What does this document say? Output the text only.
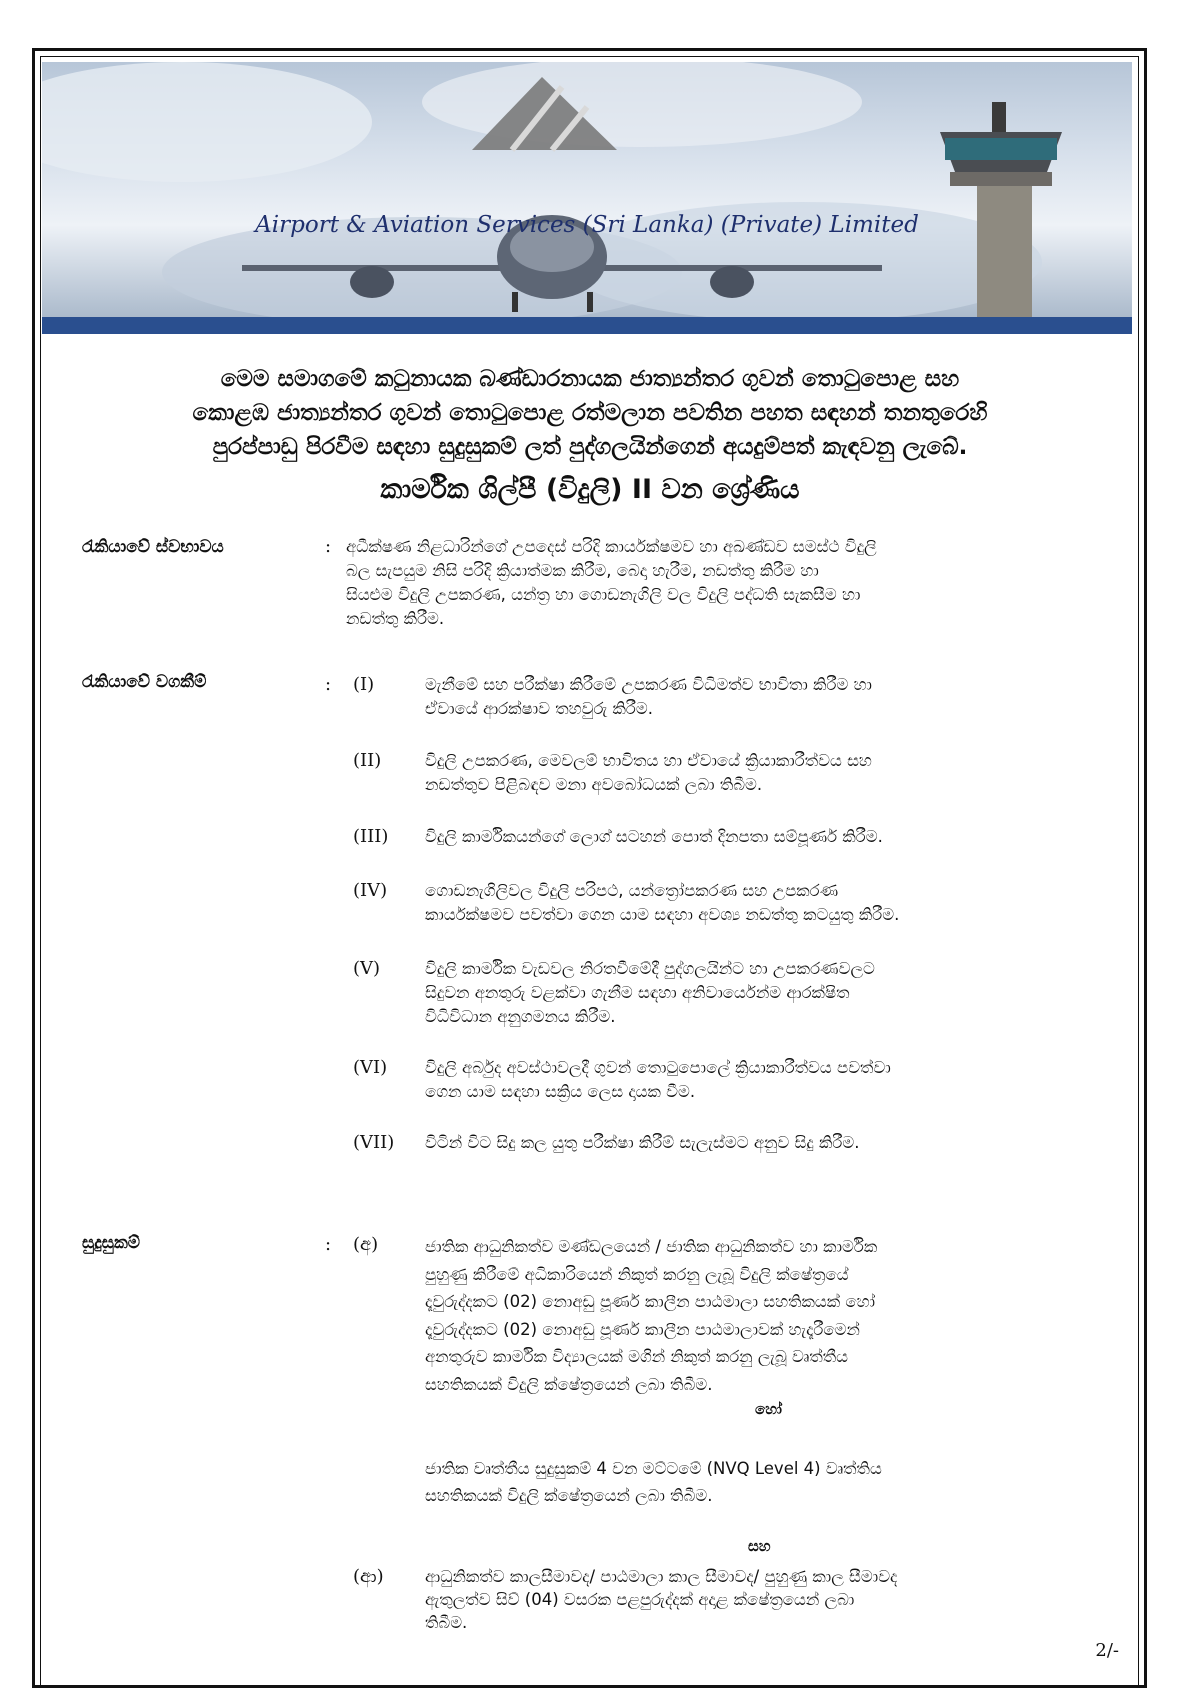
Airport & Aviation Services (Sri Lanka) (Private) Limited
මෙම සමාගමේ කටුනායක බණ්ඩාරනායක ජාත්‍යන්තර ගුවන් තොටුපොළ සහ
කොළඹ ජාත්‍යන්තර ගුවන් තොටුපොළ රත්මලාන පවතින පහත සඳහන් තනතුරෙහි
පුරප්පාඩු පිරවීම සඳහා සුදුසුකම් ලත් පුද්ගලයින්ගෙන් අයදුම්පත් කැඳවනු ලැබේ.
කාර්මික ශිල්පී (විදුලි) II වන ශ්‍රේණිය
රැකියාවේ ස්වභාවය	: අධීක්ෂණ නිළධාරින්ගේ උපදෙස් පරිදි කාර්යක්ෂමව හා අඛණ්ඩව සමස්ථ විදුලි
බල සැපයුම නිසි පරිදි ක්‍රියාත්මක කිරීම, බෙදා හැරීම, නඩත්තු කිරීම හා
සියළුම විදුලි උපකරණ, යන්ත්‍ර හා ගොඩනැගිලි වල විදුලි පද්ධති සැකසීම හා
නඩත්තු කිරීම.
රැකියාවේ වගකීම්	: (I)	මැනීමේ සහ පරීක්ෂා කිරීමේ උපකරණ විධිමත්ව භාවිතා කිරීම හා
ඒවායේ ආරක්ෂාව තහවුරු කිරීම.
(II)	විදුලි උපකරණ, මෙවලම් භාවිතය හා ඒවායේ ක්‍රියාකාරීත්වය සහ
නඩත්තුව පිළිබඳව මනා අවබෝධයක් ලබා තිබීම.
(III) විදුලි කාර්මිකයන්ගේ ලොග් සටහන් පොත් දිනපතා සම්පූර්ණ කිරීම.
(IV) ගොඩනැගිලිවල විදුලි පරිපථ, යන්ත්‍රෝපකරණ සහ උපකරණ
කාර්යක්ෂමව පවත්වා ගෙන යාම සඳහා අවශ්‍ය නඩත්තු කටයුතු කිරීම.
(V)	විදුලි කාර්මික වැඩවල නිරතවීමේදී පුද්ගලයින්ට හා උපකරණවලට
සිදුවන අනතුරු වළක්වා ගැනීම සඳහා අනිවාර්යෙන්ම ආරක්ෂිත
විධිවිධාන අනුගමනය කිරීම.
(VI) විදුලි අර්බුද අවස්ථාවලදී ගුවන් තොටුපොලේ ක්‍රියාකාරීත්වය පවත්වා
ගෙන යාම සඳහා සක්‍රිය ලෙස දායක වීම.
(VII) විටින් විට සිදු කල යුතු පරීක්ෂා කිරීම් සැලැස්මට අනුව සිදු කිරීම.
සුදුසුකම්	: (අ)	ජාතික ආධුනිකත්ව මණ්ඩලයෙන් / ජාතික ආධුනිකත්ව හා කාර්මික
පුහුණු කිරීමේ අධිකාරියෙන් නිකුත් කරනු ලැබූ විදුලි ක්ෂේත්‍රයේ
දෑවුරුද්දකට (02) නොඅඩු පූර්ණ කාලීන පාඨමාලා සහතිකයක් හෝ
දෑවුරුද්දකට (02) නොඅඩු පූර්ණ කාලීන පාඨමාලාවක් හැදෑරීමෙන්
අනතුරුව කාර්මික විද්‍යාලයක් මගින් නිකුත් කරනු ලැබූ වෘත්තීය
සහතිකයක් විදුලි ක්ෂේත්‍රයෙන් ලබා තිබීම.
හෝ
ජාතික වෘත්තීය සුදුසුකම් 4 වන මට්ටමේ (NVQ Level 4) වෘත්තිය
සහතිකයක් විදුලි ක්ෂේත්‍රයෙන් ලබා තිබීම.
සහ
(ආ)	ආධුනිකත්ව කාලසීමාවද/ පාඨමාලා කාල සීමාවද/ පුහුණු කාල සීමාවද
ඇතුලත්ව සිව් (04) වසරක පළපුරුද්දක් අදාළ ක්ෂේත්‍රයෙන් ලබා
තිබීම.
2/-
